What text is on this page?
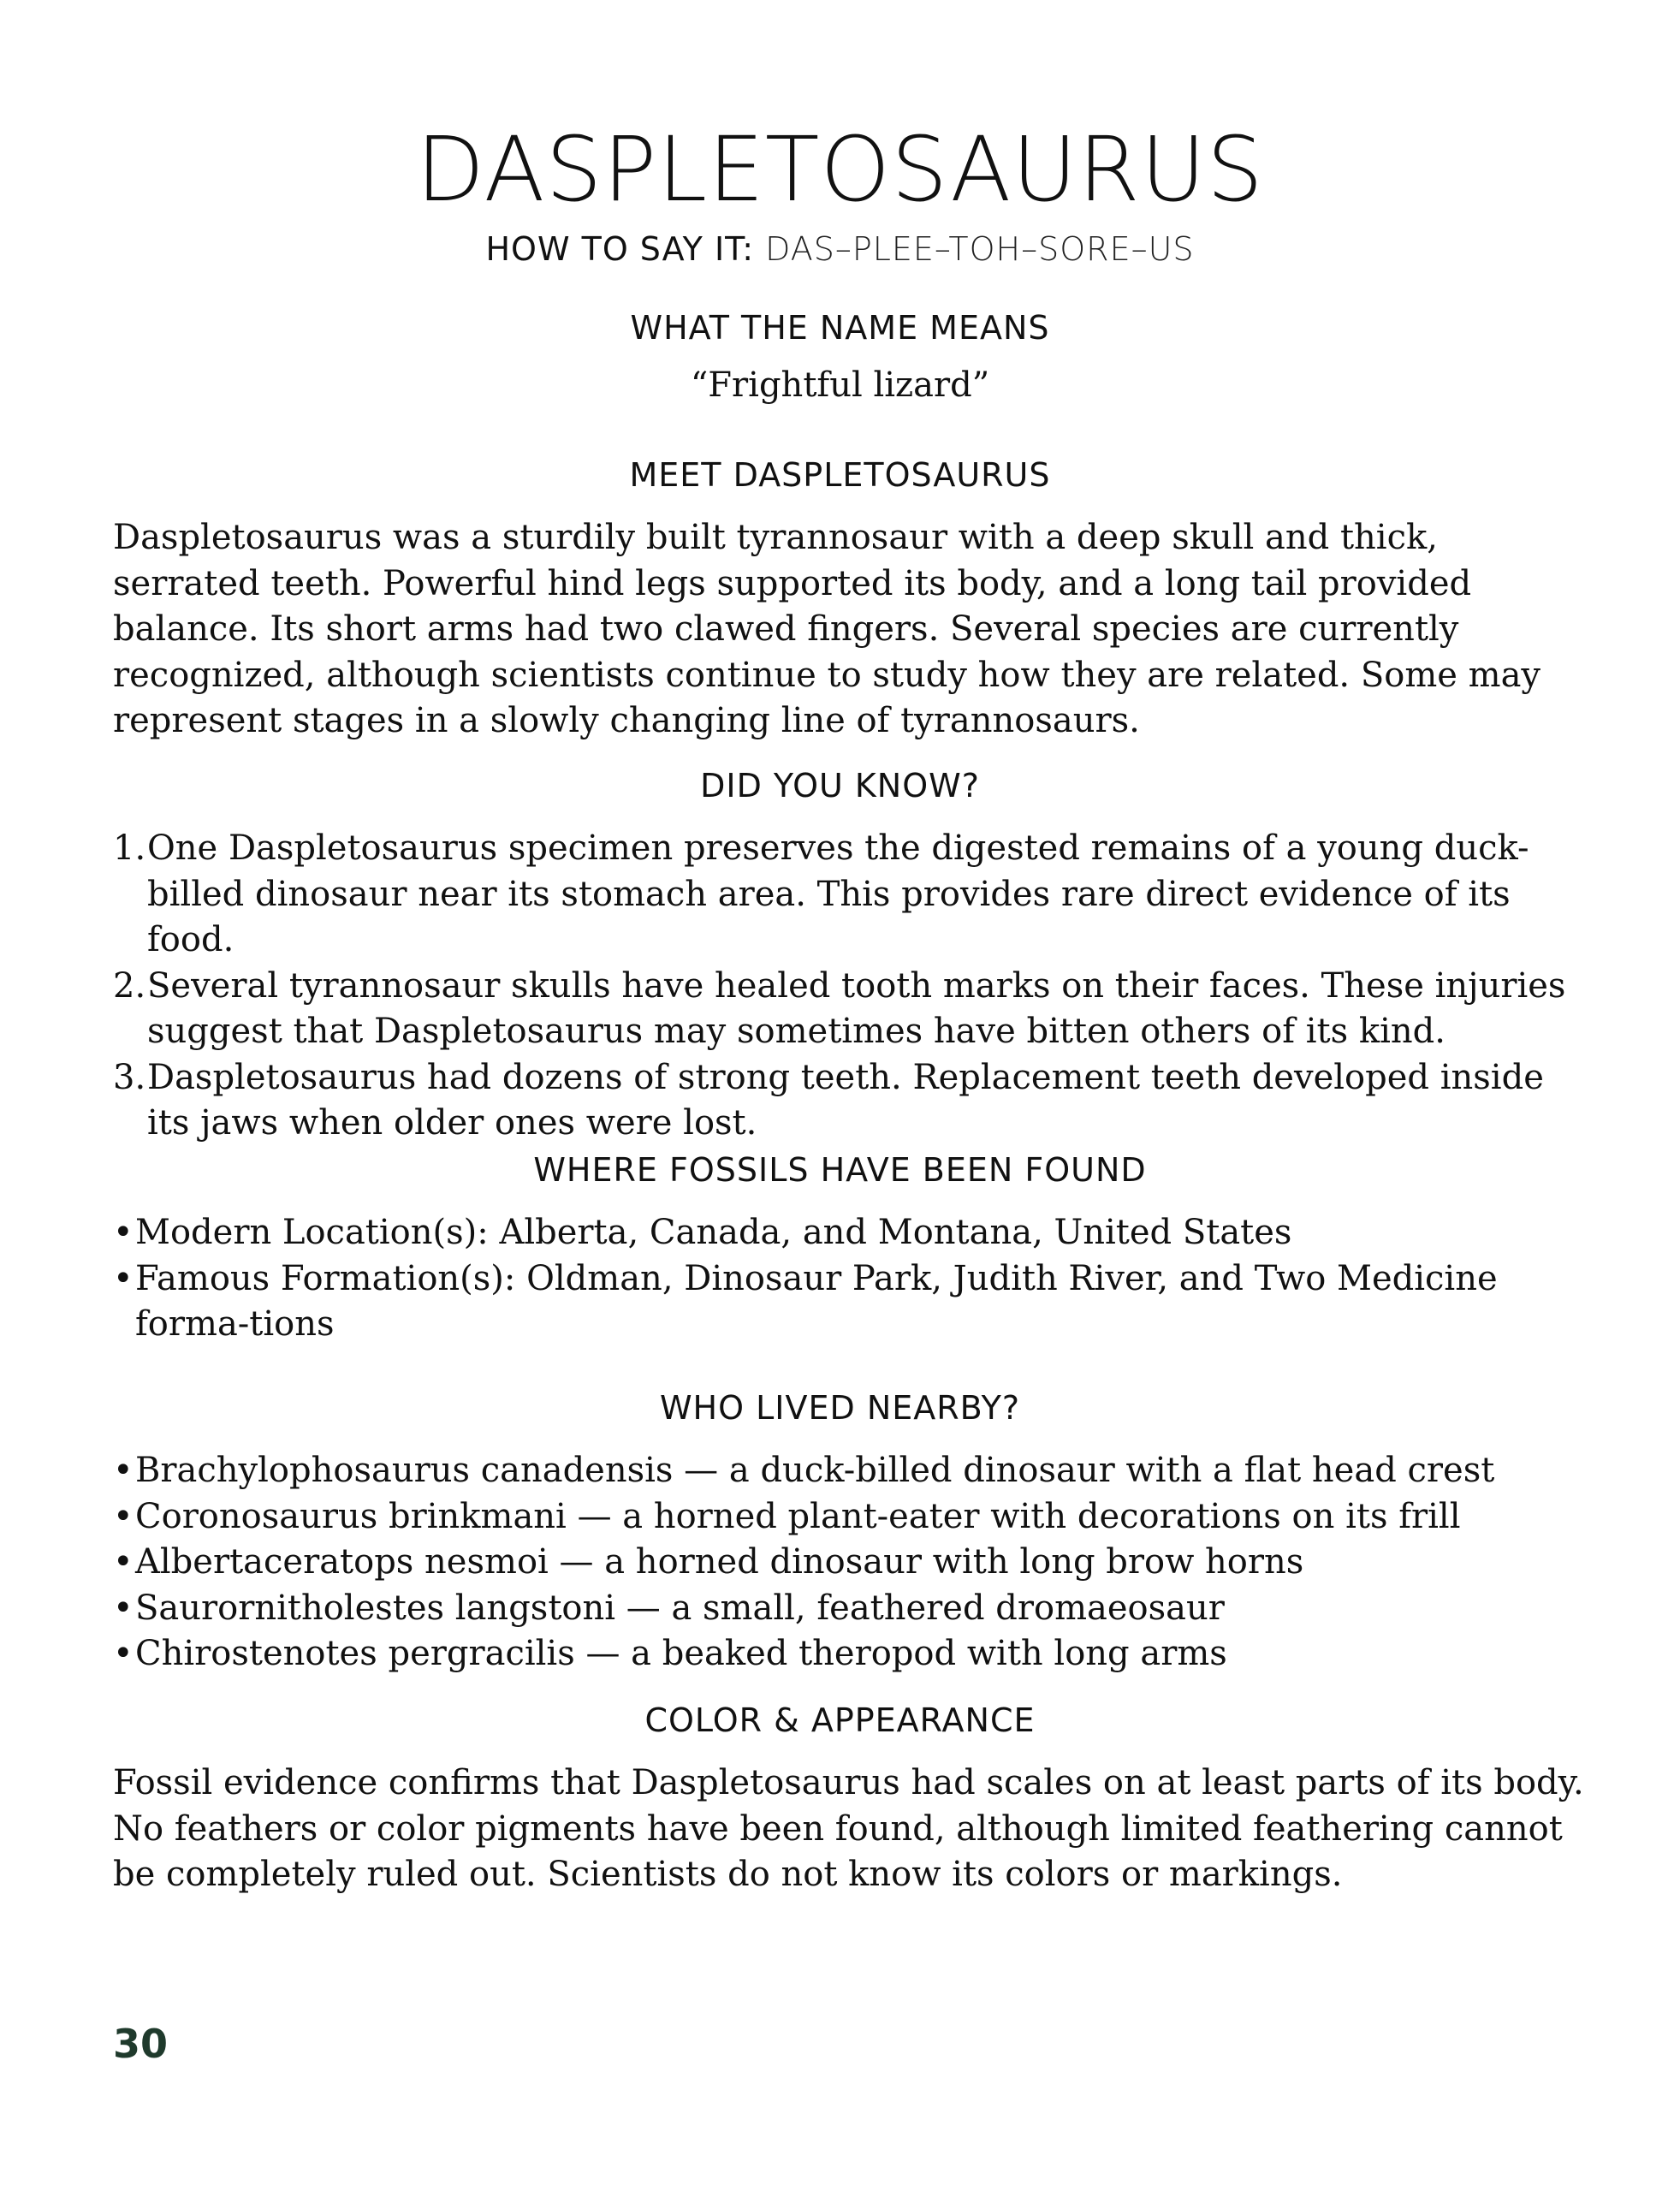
DASPLETOSAURUS
HOW TO SAY IT: DAS–PLEE–TOH–SORE–US
WHAT THE NAME MEANS
“Frightful lizard”
MEET DASPLETOSAURUS

Daspletosaurus was a sturdily built tyrannosaur with a deep skull and thick, serrated teeth. Powerful hind legs supported its body, and a long tail provided balance. Its short arms had two clawed fingers. Several species are currently recognized, although scientists continue to study how they are related. Some may represent stages in a slowly changing line of tyrannosaurs.

DID YOU KNOW?
1. One Daspletosaurus specimen preserves the digested remains of a young duck-billed dinosaur near its stomach area. This provides rare direct evidence of its food.
2. Several tyrannosaur skulls have healed tooth marks on their faces. These injuries suggest that Daspletosaurus may sometimes have bitten others of its kind.
3. Daspletosaurus had dozens of strong teeth. Replacement teeth developed inside its jaws when older ones were lost.
WHERE FOSSILS HAVE BEEN FOUND
• Modern Location(s): Alberta, Canada, and Montana, United States
• Famous Formation(s): Oldman, Dinosaur Park, Judith River, and Two Medicine forma-tions
WHO LIVED NEARBY?
• Brachylophosaurus canadensis — a duck-billed dinosaur with a flat head crest
• Coronosaurus brinkmani — a horned plant-eater with decorations on its frill
• Albertaceratops nesmoi — a horned dinosaur with long brow horns
• Saurornitholestes langstoni — a small, feathered dromaeosaur
• Chirostenotes pergracilis — a beaked theropod with long arms
COLOR & APPEARANCE

Fossil evidence confirms that Daspletosaurus had scales on at least parts of its body. No feathers or color pigments have been found, although limited feathering cannot be completely ruled out. Scientists do not know its colors or markings.

30
